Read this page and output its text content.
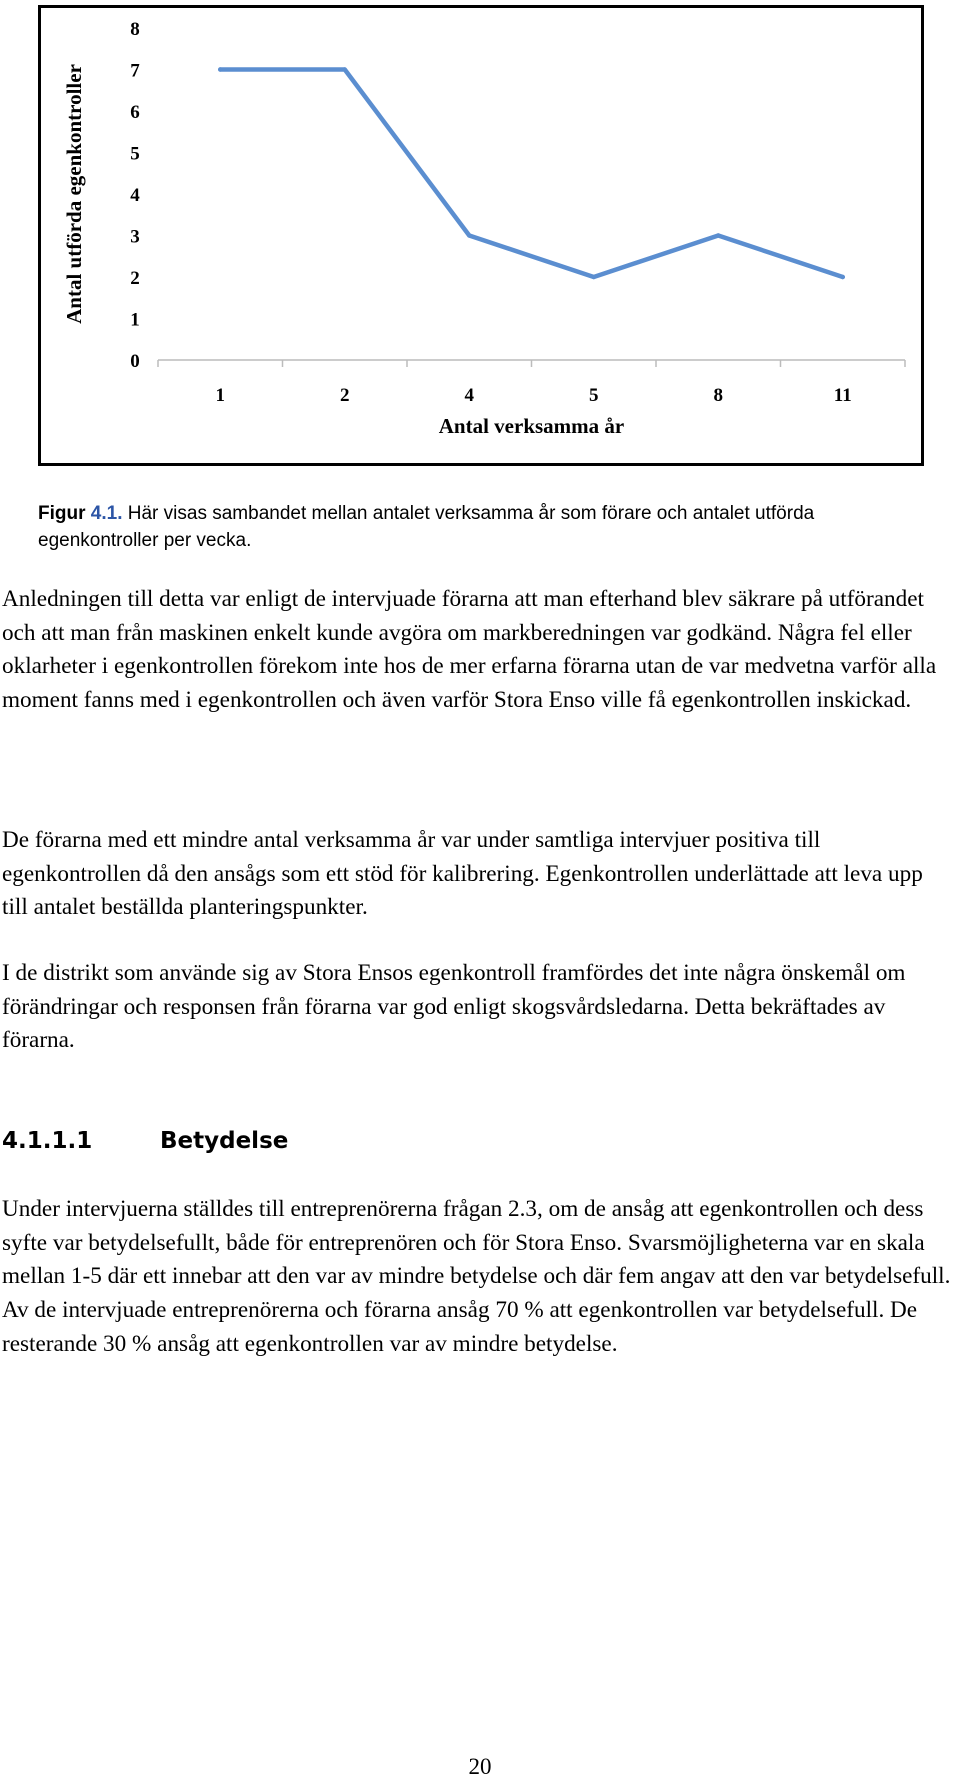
0
1
2
3
4
5
6
7
8
1	2	4	5	8	11
Antal verksamma år
Antal utförda egenkontroller
Figur 4.1. Här visas sambandet mellan antalet verksamma år som förare och antalet utförda egenkontroller per vecka.

Anledningen till detta var enligt de intervjuade förarna att man efterhand blev säkrare på utförandet och att man från maskinen enkelt kunde avgöra om markberedningen var godkänd. Några fel eller oklarheter i egenkontrollen förekom inte hos de mer erfarna förarna utan de var medvetna varför alla moment fanns med i egenkontrollen och även varför Stora Enso ville få egenkontrollen inskickad.

De förarna med ett mindre antal verksamma år var under samtliga intervjuer positiva till egenkontrollen då den ansågs som ett stöd för kalibrering. Egenkontrollen underlättade att leva upp till antalet beställda planteringspunkter.

I de distrikt som använde sig av Stora Ensos egenkontroll framfördes det inte några önskemål om förändringar och responsen från förarna var god enligt skogsvårdsledarna. Detta bekräftades av förarna.

4.1.1.1	Betydelse

Under intervjuerna ställdes till entreprenörerna frågan 2.3, om de ansåg att egenkontrollen och dess syfte var betydelsefullt, både för entreprenören och för Stora Enso. Svarsmöjligheterna var en skala mellan 1-5 där ett innebar att den var av mindre betydelse och där fem angav att den var betydelsefull. Av de intervjuade entreprenörerna och förarna ansåg 70 % att egenkontrollen var betydelsefull. De resterande 30 % ansåg att egenkontrollen var av mindre betydelse.

20
